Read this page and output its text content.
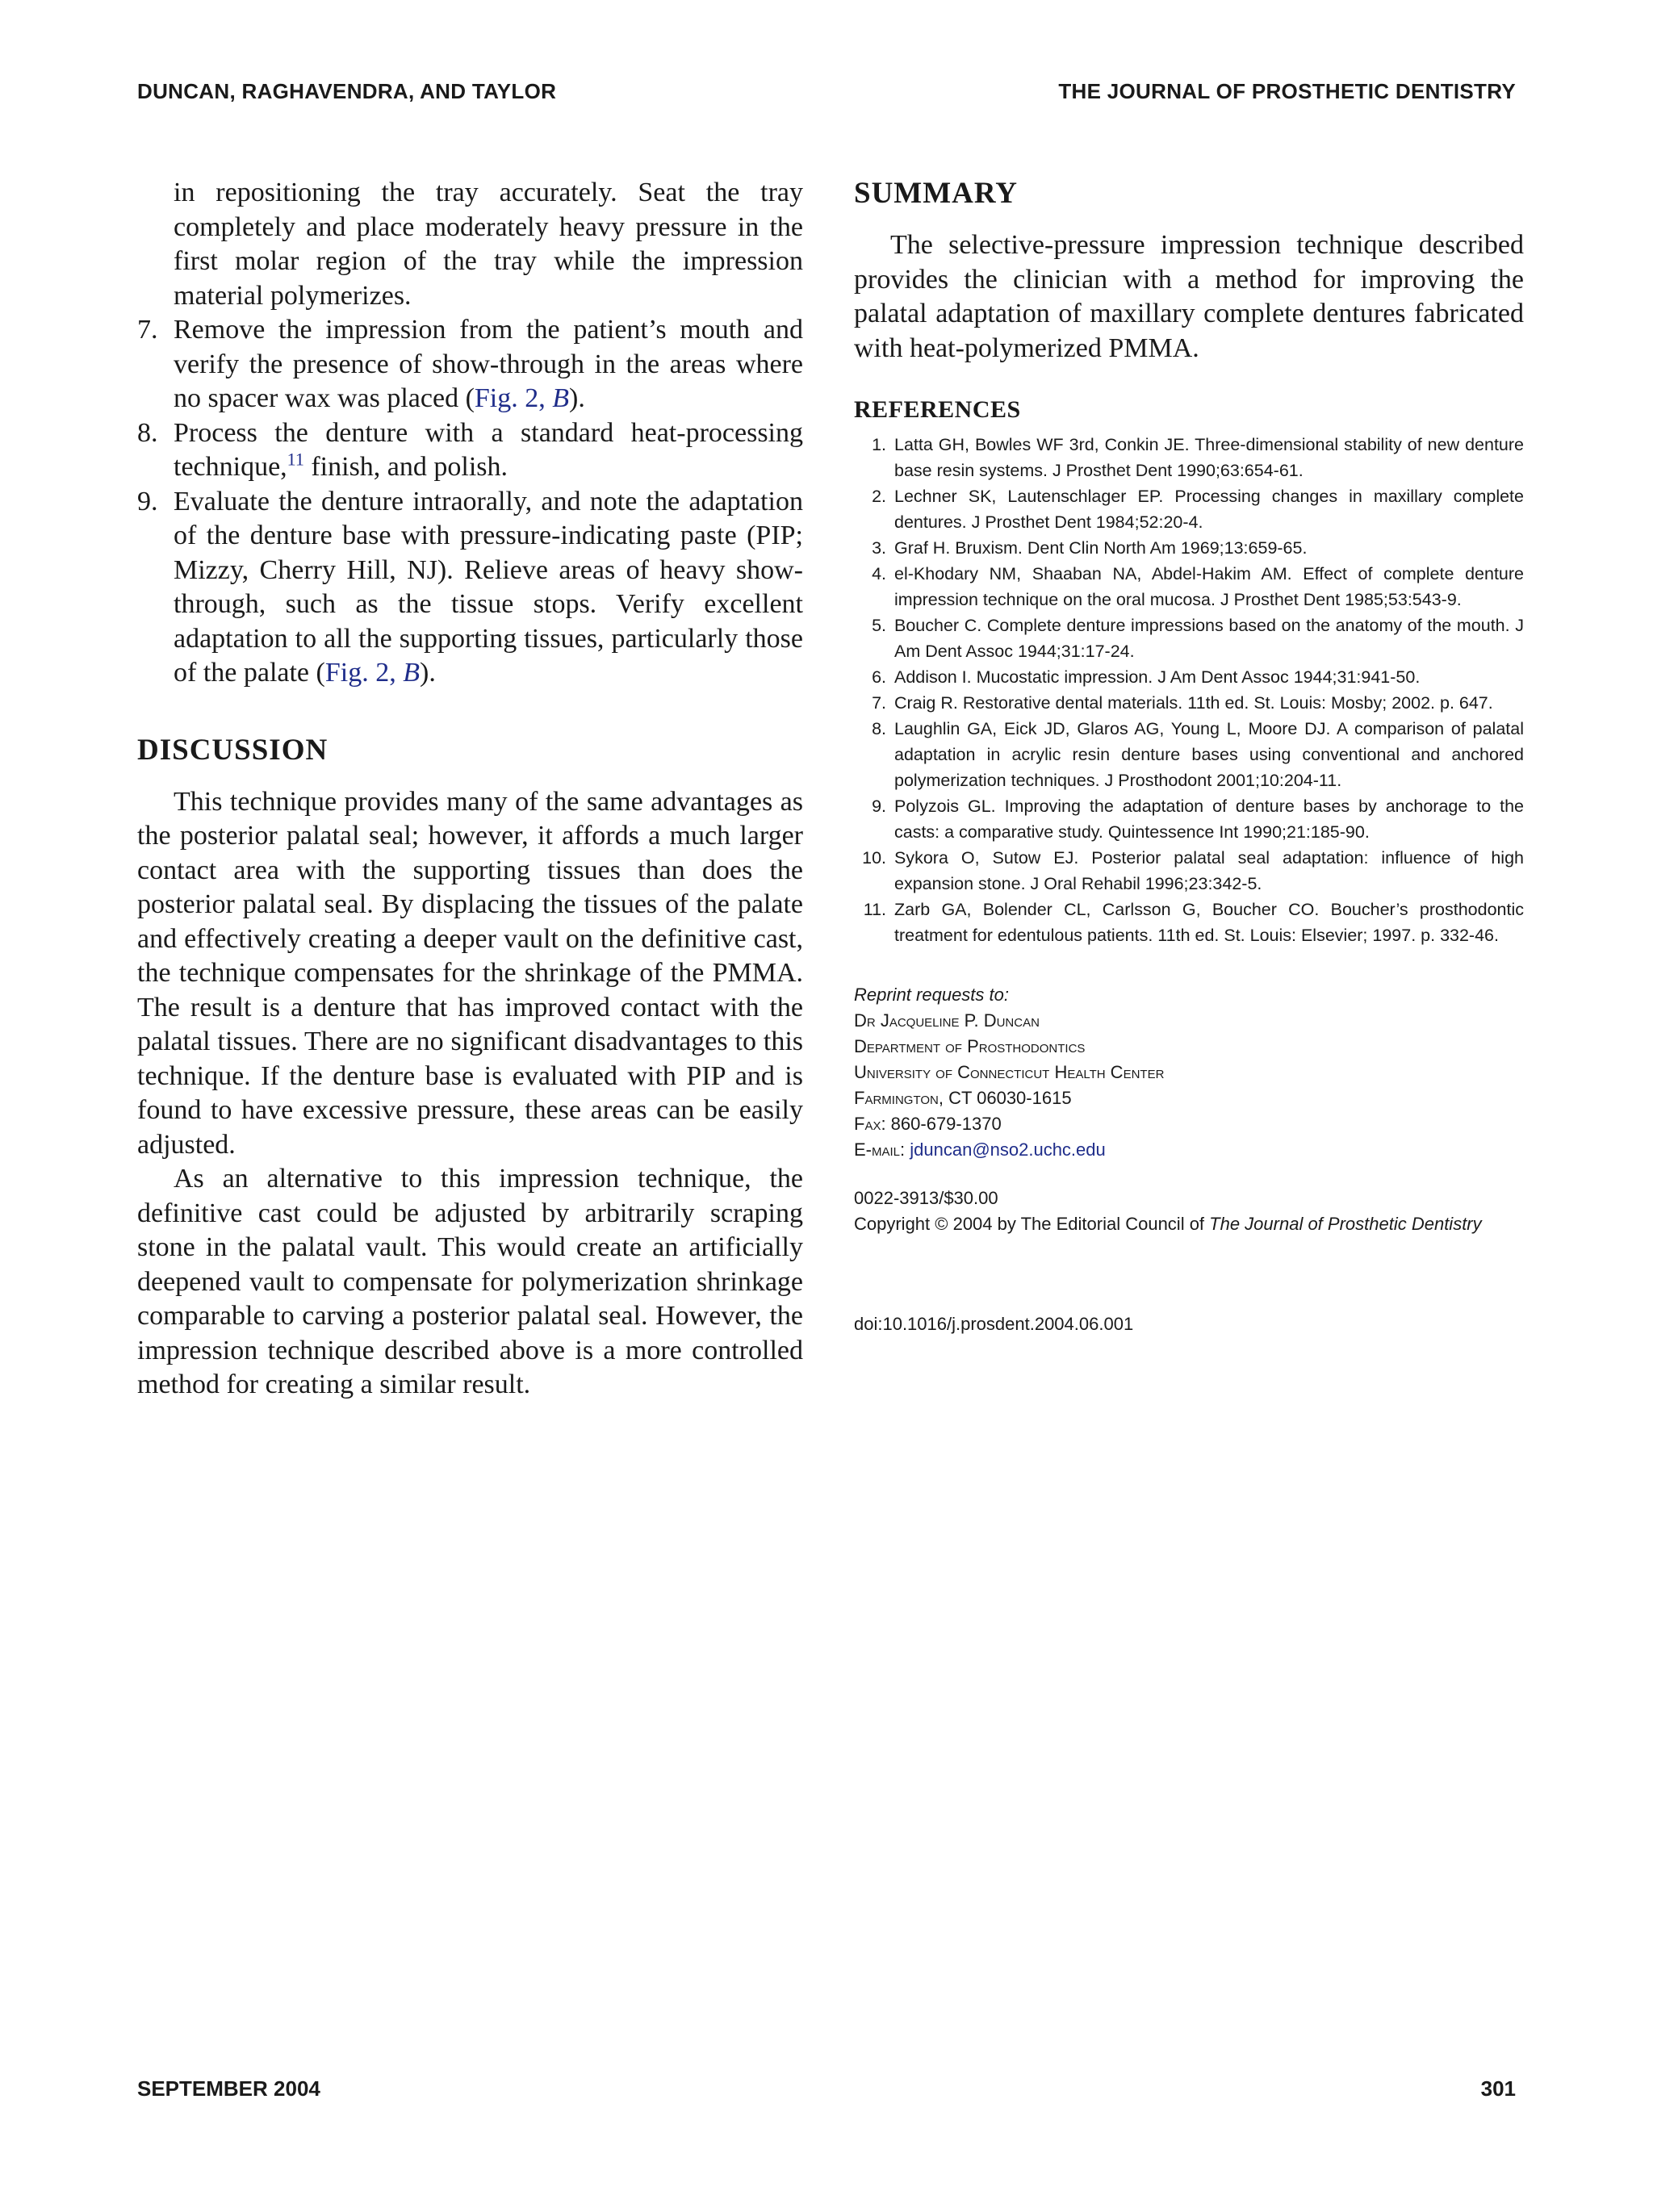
DUNCAN, RAGHAVENDRA, AND TAYLOR	THE JOURNAL OF PROSTHETIC DENTISTRY
in repositioning the tray accurately. Seat the tray completely and place moderately heavy pressure in the first molar region of the tray while the impression material polymerizes.
7. Remove the impression from the patient’s mouth and verify the presence of show-through in the areas where no spacer wax was placed (Fig. 2, B).
8. Process the denture with a standard heat-processing technique,$^{11}$ finish, and polish.
9. Evaluate the denture intraorally, and note the adaptation of the denture base with pressure-indicating paste (PIP; Mizzy, Cherry Hill, NJ). Relieve areas of heavy show-through, such as the tissue stops. Verify excellent adaptation to all the supporting tissues, particularly those of the palate (Fig. 2, B).
DISCUSSION

This technique provides many of the same advantages as the posterior palatal seal; however, it affords a much larger contact area with the supporting tissues than does the posterior palatal seal. By displacing the tissues of the palate and effectively creating a deeper vault on the definitive cast, the technique compensates for the shrinkage of the PMMA. The result is a denture that has improved contact with the palatal tissues. There are no significant disadvantages to this technique. If the denture base is evaluated with PIP and is found to have excessive pressure, these areas can be easily adjusted.

As an alternative to this impression technique, the definitive cast could be adjusted by arbitrarily scraping stone in the palatal vault. This would create an artificially deepened vault to compensate for polymerization shrinkage comparable to carving a posterior palatal seal. However, the impression technique described above is a more controlled method for creating a similar result.

SUMMARY

The selective-pressure impression technique described provides the clinician with a method for improving the palatal adaptation of maxillary complete dentures fabricated with heat-polymerized PMMA.

REFERENCES
1. Latta GH, Bowles WF 3rd, Conkin JE. Three-dimensional stability of new denture base resin systems. J Prosthet Dent 1990;63:654-61.
2. Lechner SK, Lautenschlager EP. Processing changes in maxillary complete dentures. J Prosthet Dent 1984;52:20-4.
3. Graf H. Bruxism. Dent Clin North Am 1969;13:659-65.
4. el-Khodary NM, Shaaban NA, Abdel-Hakim AM. Effect of complete denture impression technique on the oral mucosa. J Prosthet Dent 1985;53:543-9.
5. Boucher C. Complete denture impressions based on the anatomy of the mouth. J Am Dent Assoc 1944;31:17-24.
6. Addison I. Mucostatic impression. J Am Dent Assoc 1944;31:941-50.
7. Craig R. Restorative dental materials. 11th ed. St. Louis: Mosby; 2002. p. 647.
8. Laughlin GA, Eick JD, Glaros AG, Young L, Moore DJ. A comparison of palatal adaptation in acrylic resin denture bases using conventional and anchored polymerization techniques. J Prosthodont 2001;10:204-11.
9. Polyzois GL. Improving the adaptation of denture bases by anchorage to the casts: a comparative study. Quintessence Int 1990;21:185-90.
10. Sykora O, Sutow EJ. Posterior palatal seal adaptation: influence of high expansion stone. J Oral Rehabil 1996;23:342-5.
11. Zarb GA, Bolender CL, Carlsson G, Boucher CO. Boucher’s prosthodontic treatment for edentulous patients. 11th ed. St. Louis: Elsevier; 1997. p. 332-46.
Reprint requests to:
Dr Jacqueline P. Duncan
Department of Prosthodontics
University of Connecticut Health Center
Farmington, CT 06030-1615
Fax: 860-679-1370
E-mail: jduncan@nso2.uchc.edu
0022-3913/$30.00
Copyright © 2004 by The Editorial Council of The Journal of Prosthetic Dentistry
doi:10.1016/j.prosdent.2004.06.001
SEPTEMBER 2004	301
